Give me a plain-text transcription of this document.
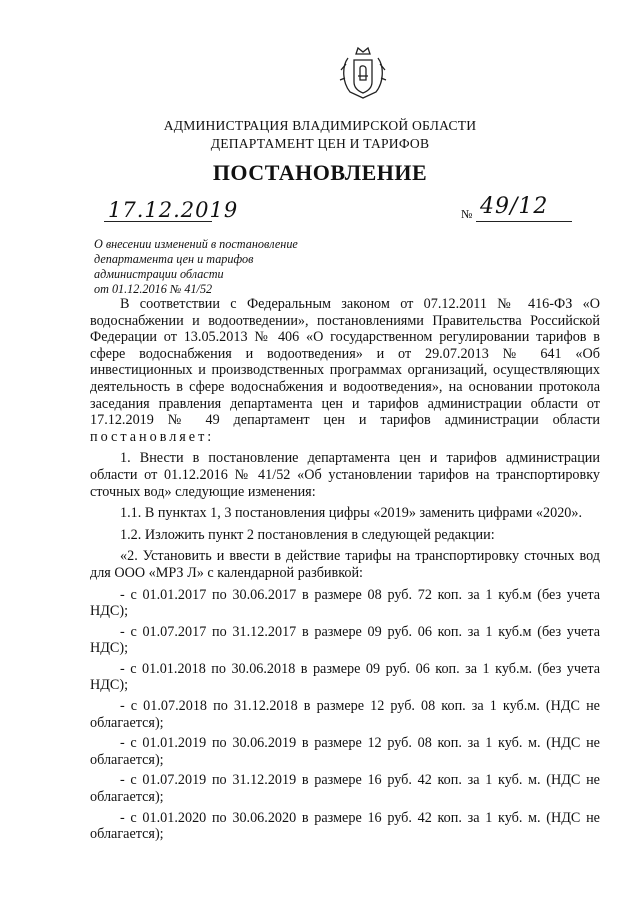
АДМИНИСТРАЦИЯ ВЛАДИМИРСКОЙ ОБЛАСТИ
ДЕПАРТАМЕНТ ЦЕН И ТАРИФОВ
ПОСТАНОВЛЕНИЕ
17.12.2019	№ 49/12
О внесении изменений в постановление
департамента цен и тарифов
администрации области
от 01.12.2016 № 41/52

В соответствии с Федеральным законом от 07.12.2011 № 416-ФЗ «О водоснабжении и водоотведении», постановлениями Правительства Российской Федерации от 13.05.2013 № 406 «О государственном регулировании тарифов в сфере водоснабжения и водоотведения» и от 29.07.2013 № 641 «Об инвестиционных и производственных программах организаций, осуществляющих деятельность в сфере водоснабжения и водоотведения», на основании протокола заседания правления департамента цен и тарифов администрации области от 17.12.2019 № 49 департамент цен и тарифов администрации области постановляет:

1. Внести в постановление департамента цен и тарифов администрации области от 01.12.2016 № 41/52 «Об установлении тарифов на транспортировку сточных вод» следующие изменения:

1.1. В пунктах 1, 3 постановления цифры «2019» заменить цифрами «2020».

1.2. Изложить пункт 2 постановления в следующей редакции:

«2. Установить и ввести в действие тарифы на транспортировку сточных вод для ООО «МРЗ Л» с календарной разбивкой:

- с 01.01.2017 по 30.06.2017 в размере 08 руб. 72 коп. за 1 куб.м (без учета НДС);

- с 01.07.2017 по 31.12.2017 в размере 09 руб. 06 коп. за 1 куб.м (без учета НДС);

- с 01.01.2018 по 30.06.2018 в размере 09 руб. 06 коп. за 1 куб.м. (без учета НДС);

- с 01.07.2018 по 31.12.2018 в размере 12 руб. 08 коп. за 1 куб.м. (НДС не облагается);

- с 01.01.2019 по 30.06.2019 в размере 12 руб. 08 коп. за 1 куб. м. (НДС не облагается);

- с 01.07.2019 по 31.12.2019 в размере 16 руб. 42 коп. за 1 куб. м. (НДС не облагается);

- с 01.01.2020 по 30.06.2020 в размере 16 руб. 42 коп. за 1 куб. м. (НДС не облагается);
